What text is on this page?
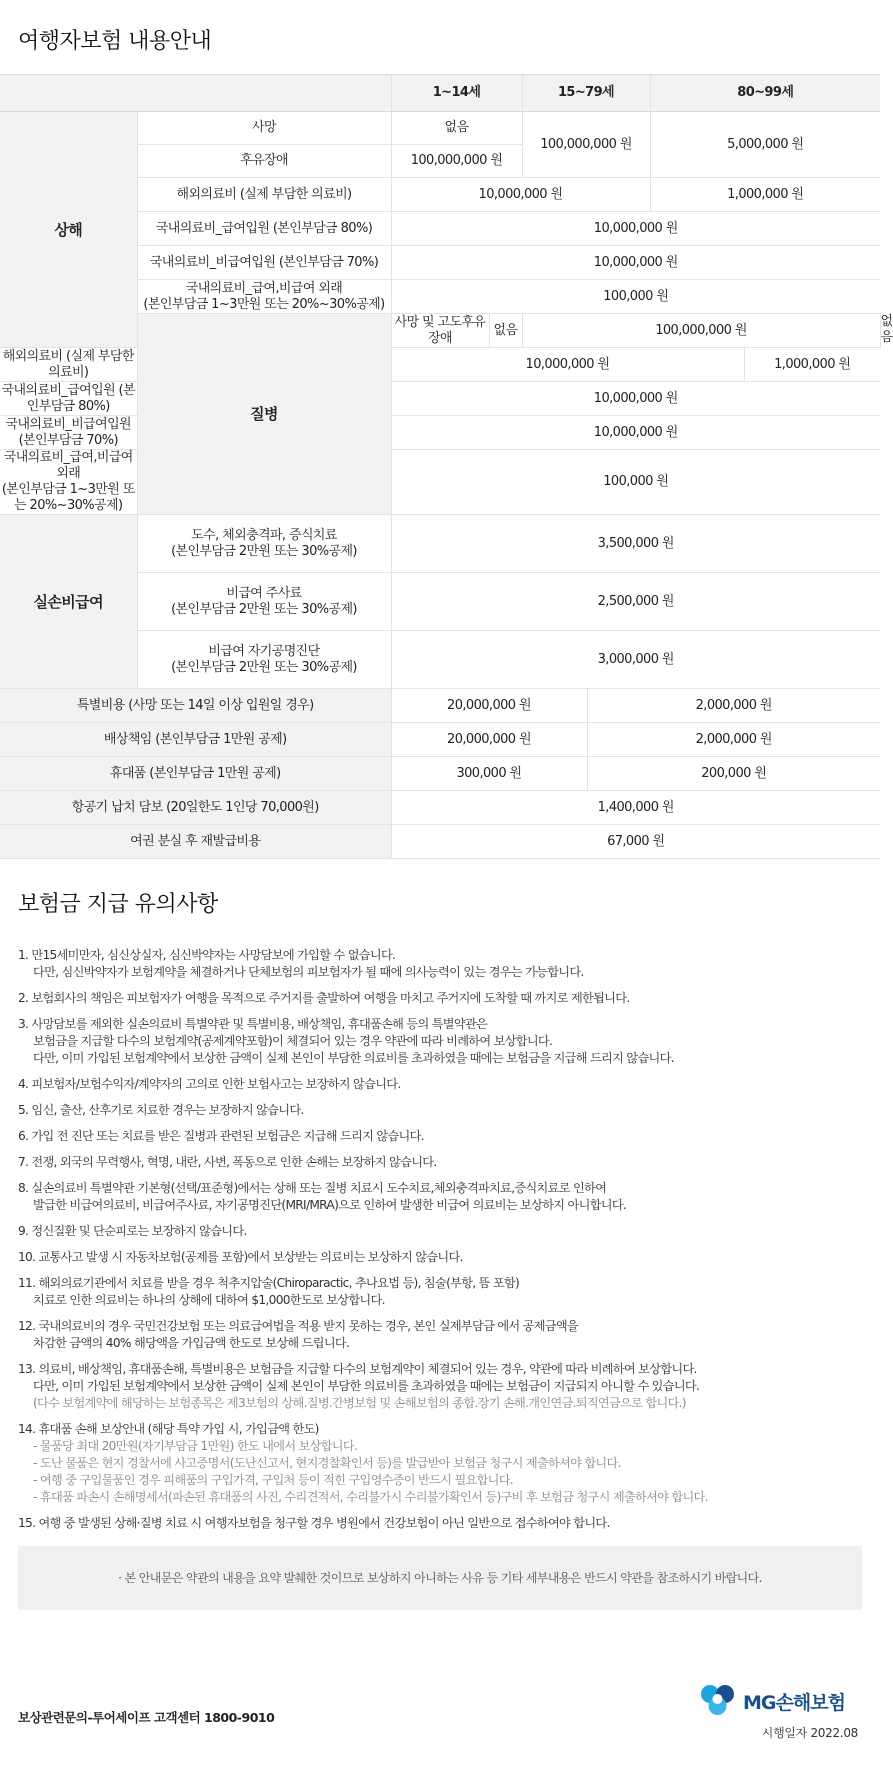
여행자보험 내용안내
		1~14세		15~79세		80~99세		
상해	사망	없음		100,000,000 원		5,000,000 원		
	후유장애	100,000,000 원						
	해외의료비 (실제 부담한 의료비)	10,000,000 원				1,000,000 원		
	국내의료비_급여입원 (본인부담금 80%)	10,000,000 원						
	국내의료비_비급여입원 (본인부담금 70%)	10,000,000 원						
	국내의료비_급여,비급여 외래
(본인부담금 1~3만원 또는 20%~30%공제)	100,000 원						
	질병	사망 및 고도후유장애	없음	100,000,000 원				없음
해외의료비 (실제 부담한 의료비)		10,000,000 원					1,000,000 원	
국내의료비_급여입원 (본인부담금 80%)		10,000,000 원						
국내의료비_비급여입원 (본인부담금 70%)		10,000,000 원						
국내의료비_급여,비급여 외래
(본인부담금 1~3만원 또는 20%~30%공제)		100,000 원						
실손비급여	도수, 체외충격파, 증식치료
(본인부담금 2만원 또는 30%공제)	3,500,000 원						
	비급여 주사료
(본인부담금 2만원 또는 30%공제)	2,500,000 원						
	비급여 자기공명진단
(본인부담금 2만원 또는 30%공제)	3,000,000 원						
특별비용 (사망 또는 14일 이상 입원일 경우)		20,000,000 원			2,000,000 원			
배상책임 (본인부담금 1만원 공제)		20,000,000 원			2,000,000 원			
휴대품 (본인부담금 1만원 공제)		300,000 원			200,000 원			
항공기 납치 담보 (20일한도 1인당 70,000원)		1,400,000 원						
여권 분실 후 재발급비용		67,000 원						
보험금 지급 유의사항
1. 만15세미만자, 심신상실자, 심신박약자는 사망담보에 가입할 수 없습니다.
다만, 심신박약자가 보험계약을 체결하거나 단체보험의 피보험자가 될 때에 의사능력이 있는 경우는 가능합니다.
2. 보험회사의 책임은 피보험자가 여행을 목적으로 주거지를 출발하여 여행을 마치고 주거지에 도착할 때 까지로 제한됩니다.
3. 사망담보를 제외한 실손의료비 특별약관 및 특별비용, 배상책임, 휴대품손해 등의 특별약관은
보험금을 지급할 다수의 보험계약(공제계약포함)이 체결되어 있는 경우 약관에 따라 비례하여 보상합니다.
다만, 이미 가입된 보험계약에서 보상한 금액이 실제 본인이 부담한 의료비를 초과하였을 때에는 보험금을 지급해 드리지 않습니다.
4. 피보험자/보험수익자/계약자의 고의로 인한 보험사고는 보장하지 않습니다.
5. 임신, 출산, 산후기로 치료한 경우는 보장하지 않습니다.
6. 가입 전 진단 또는 치료를 받은 질병과 관련된 보험금은 지급해 드리지 않습니다.
7. 전쟁, 외국의 무력행사, 혁명, 내란, 사변, 폭동으로 인한 손해는 보장하지 않습니다.
8. 실손의료비 특별약관 기본형(선택/표준형)에서는 상해 또는 질병 치료시 도수치료,체외충격파치료,증식치료로 인하여
발급한 비급여의료비, 비급여주사료, 자기공명진단(MRI/MRA)으로 인하여 발생한 비급여 의료비는 보상하지 아니합니다.
9. 정신질환 및 단순피로는 보장하지 않습니다.
10. 교통사고 발생 시 자동차보험(공제를 포함)에서 보상받는 의료비는 보상하지 않습니다.
11. 해외의료기관에서 치료를 받을 경우 척추지압술(Chiroparactic, 추나요법 등), 침술(부항, 뜸 포함)
치료로 인한 의료비는 하나의 상해에 대하여 $1,000한도로 보상합니다.
12. 국내의료비의 경우 국민건강보험 또는 의료급여법을 적용 받지 못하는 경우, 본인 실제부담금 에서 공제금액을
차감한 금액의 40% 해당액을 가입금액 한도로 보상해 드립니다.
13. 의료비, 배상책임, 휴대품손해, 특별비용은 보험금을 지급할 다수의 보험계약이 체결되어 있는 경우, 약관에 따라 비례하여 보상합니다.
다만, 이미 가입된 보험계약에서 보상한 금액이 실제 본인이 부담한 의료비를 초과하였을 때에는 보험금이 지급되지 아니할 수 있습니다.
(다수 보험계약에 해당하는 보험종목은 제3보험의 상해.질병.간병보험 및 손해보험의 종합.장기 손해.개인연금.퇴직연금으로 합니다.)
14. 휴대품 손해 보상안내 (해당 특약 가입 시, 가입금액 한도)
- 물품당 최대 20만원(자기부담금 1만원) 한도 내에서 보상합니다.
- 도난 물품은 현지 경찰서에 사고증명서(도난신고서, 현지경찰확인서 등)를 발급받아 보험금 청구시 제출하셔야 합니다.
- 여행 중 구입물품인 경우 피해품의 구입가격, 구입처 등이 적힌 구입영수증이 반드시 필요합니다.
- 휴대품 파손시 손해명세서(파손된 휴대품의 사진, 수리견적서, 수리불가시 수리불가확인서 등)구비 후 보험금 청구시 제출하셔야 합니다.
15. 여행 중 발생된 상해·질병 치료 시 여행자보험을 청구할 경우 병원에서 건강보험이 아닌 일반으로 접수하여야 합니다.
· 본 안내문은 약관의 내용을 요약 발췌한 것이므로 보상하지 아니하는 사유 등 기타 세부내용은 반드시 약관을 참조하시기 바랍니다.
보상관련문의-투어세이프 고객센터 1800-9010
MG손해보험
시행일자 2022.08
